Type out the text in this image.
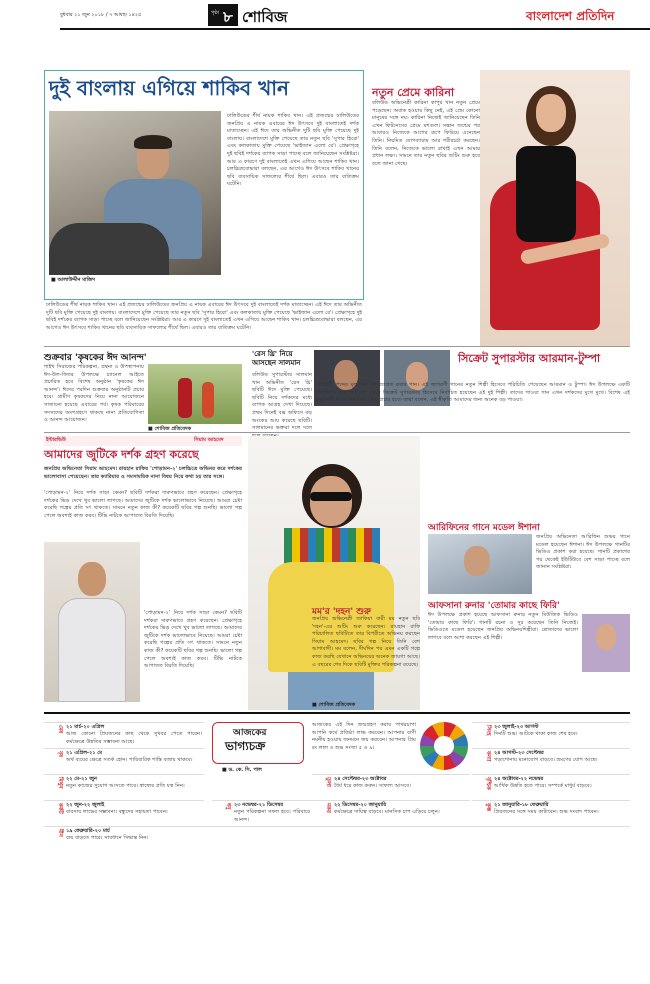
বুধবার ২১ জুন ২০১৮ / ৭ আষাঢ় ১৪২৫	পৃষ্ঠা ৮ শোবিজ	বাংলাদেশ প্রতিদিন
দুই বাংলায় এগিয়ে শাকিব খান
■ আলাউদ্দীন মাজিদ
ঢালিউডের শীর্ষ নায়ক শাকিব খান। এই প্রজন্মের ঢালিউডের জনপ্রিয় এ নায়ক এবারের ঈদ উৎসবে দুই বাংলাতেই দর্শক মাতাচ্ছেন। এই ঈদে তার অভিনীত দুটি ছবি মুক্তি পেয়েছে দুই বাংলায়। বাংলাদেশে মুক্তি পেয়েছে তার নতুন ছবি 'সুপার হিরো' এবং কলকাতায় মুক্তি পেয়েছে 'ভাইজান এলো রে'। প্রেক্ষাগৃহে দুই ছবিই দর্শকের ব্যাপক সাড়া পাচ্ছে বলে জানিয়েছেন সংশ্লিষ্টরা। আর এ কারণে দুই বাংলাতেই এখন এগিয়ে আছেন শাকিব খান। চলচ্চিত্রবোদ্ধারা বলছেন, এর আগেও ঈদ উৎসবে শাকিব খানের ছবি ব্যবসায়িক সাফল্যের শীর্ষে ছিল। এবারও তার ব্যতিক্রম ঘটেনি।
ঢালিউডের শীর্ষ নায়ক শাকিব খান। এই প্রজন্মের ঢালিউডের জনপ্রিয় এ নায়ক এবারের ঈদ উৎসবে দুই বাংলাতেই দর্শক মাতাচ্ছেন। এই ঈদে তার অভিনীত দুটি ছবি মুক্তি পেয়েছে দুই বাংলায়। বাংলাদেশে মুক্তি পেয়েছে তার নতুন ছবি 'সুপার হিরো' এবং কলকাতায় মুক্তি পেয়েছে 'ভাইজান এলো রে'। প্রেক্ষাগৃহে দুই ছবিই দর্শকের ব্যাপক সাড়া পাচ্ছে বলে জানিয়েছেন সংশ্লিষ্টরা। আর এ কারণে দুই বাংলাতেই এখন এগিয়ে আছেন শাকিব খান। চলচ্চিত্রবোদ্ধারা বলছেন, এর আগেও ঈদ উৎসবে শাকিব খানের ছবি ব্যবসায়িক সাফল্যের শীর্ষে ছিল। এবারও তার ব্যতিক্রম ঘটেনি।
নতুন প্রেমে কারিনা
বলিউড অভিনেত্রী কারিনা কাপুর খান নতুন প্রেমে পড়েছেন। অবাক হওয়ার কিছু নেই, এই প্রেম কোনো মানুষের সঙ্গে নয়। কারিনা নিজেই জানিয়েছেন তিনি এখন ফিটনেসের প্রেমে মশগুল। সন্তান জন্মের পর আবারও নিজেকে আগের রূপে ফিরিয়ে এনেছেন তিনি। নিয়মিত যোগব্যায়াম আর শরীরচর্চা করছেন। তিনি বলেন, নিজেকে ভালো রাখাই এখন আমার প্রধান লক্ষ্য। সামনে তার নতুন ছবির শুটিং শুরু হবে বলে জানা গেছে।
শুক্রবার 'কৃষকের ঈদ আনন্দ'
শাইখ সিরাজের পরিকল্পনা, গ্রন্থনা ও উপস্থাপনায় ঈদ-উল-ফিতর উপলক্ষে চ্যানেল আইতে প্রচারিত হবে বিশেষ অনুষ্ঠান 'কৃষকের ঈদ আনন্দ'। ঈদের পরদিন শুক্রবার অনুষ্ঠানটি প্রচার হবে। গ্রামীণ কৃষকদের নিয়ে নানা আয়োজনে সাজানো হয়েছে এবারের পর্ব। কৃষক পরিবারের সদস্যদের অংশগ্রহণে থাকছে নানা প্রতিযোগিতা ও আনন্দ আয়োজন।
■ শোবিজ প্রতিবেদক
'রেস থ্রি' নিয়ে আসছেন সালমান
বলিউড সুপারস্টার সালমান খান অভিনীত 'রেস থ্রি' ছবিটি ঈদে মুক্তি পেয়েছে। ছবিটি নিয়ে দর্শকদের মধ্যে ব্যাপক আগ্রহ দেখা দিয়েছে। প্রথম দিনেই বক্স অফিসে বড় অংকের আয় করেছে ছবিটি। সালমানের ভক্তরা দলে দলে
সিক্রেট সুপারস্টার আরমান-টুম্পা
'জাগরণী' শব্দের মূল অর্থ হল জাগ্রত করার গান। এই জাগরণী গানের নতুন শিল্পী হিসেবে পরিচিতি পেয়েছেন আরমান ও টুম্পা। ঈদ উপলক্ষে একটি টেলিভিশন রিয়েলিটি শো থেকে সিক্রেট সুপারস্টার হিসেবে নির্বাচিত হয়েছেন এই দুই শিল্পী। তাদের গাওয়া গান এখন দর্শকদের মুখে মুখে। বিশেষ এই অনুষ্ঠানটি ঈদের দিন রাত ৯টায় প্রচার হবে। তারা বলেন, এই স্বীকৃতি আমাদের জন্য অনেক বড় পাওয়া।
ইন্টারভিউ	সিয়াম আহমেদ
আমাদের জুটিকে দর্শক গ্রহণ করেছে
জনপ্রিয় অভিনেতা সিয়াম আহমেদ। রায়হান রাফির 'পোড়ামন-২' চলচ্চিত্রে অভিনয় করে দর্শকের ভালোবাসা পেয়েছেন। তার ক্যারিয়ার ও সমসাময়িক নানা বিষয় নিয়ে কথা হয় তার সঙ্গে।
'পোড়ামন-২' নিয়ে দর্শক সাড়া কেমন? ছবিটি দর্শকরা দারুণভাবে গ্রহণ করেছেন। প্রেক্ষাগৃহে দর্শকের ভিড় দেখে খুব ভালো লাগছে। আমাদের জুটিকে দর্শক ভালোভাবে নিয়েছে। আমরা চেষ্টা করেছি গল্পের প্রতি সৎ থাকতে। সামনে নতুন কাজ কী? কয়েকটি ছবির গল্প শুনছি। ভালো গল্প পেলে অবশ্যই কাজ করব। টিভি নাটকে আপাতত বিরতি দিয়েছি।
'পোড়ামন-২' নিয়ে দর্শক সাড়া কেমন? ছবিটি দর্শকরা দারুণভাবে গ্রহণ করেছেন। প্রেক্ষাগৃহে দর্শকের ভিড় দেখে খুব ভালো লাগছে। আমাদের জুটিকে দর্শক ভালোভাবে নিয়েছে। আমরা চেষ্টা করেছি গল্পের প্রতি সৎ থাকতে। সামনে নতুন কাজ কী? কয়েকটি ছবির গল্প শুনছি। ভালো গল্প পেলে অবশ্যই কাজ করব। টিভি নাটকে আপাতত বিরতি দিয়েছি।
মম'র 'দহন' শুরু
জনপ্রিয় অভিনেত্রী জাকিয়া বারী মম নতুন ছবি 'দহন'-এর শুটিং শুরু করেছেন। রায়হান রাফি পরিচালিত ছবিটিতে তার বিপরীতে অভিনয় করছেন সিয়াম আহমেদ। ছবির গল্প নিয়ে তিনি বেশ আশাবাদী। মম বলেন, দীর্ঘদিন পর এমন একটি গল্পে কাজ করছি যেখানে অভিনয়ের অনেক জায়গা আছে। এ বছরের শেষ দিকে ছবিটি মুক্তির পরিকল্পনা রয়েছে।
■ শোবিজ প্রতিবেদক
আরিফিনের গানে মডেল ঈশানা
জনপ্রিয় অভিনেতা আরিফিন শুভর গানে মডেল হয়েছেন ঈশানা। ঈদ উপলক্ষে গানটির ভিডিও প্রকাশ করা হয়েছে। গানটি প্রকাশের পর থেকেই ইউটিউবে বেশ সাড়া পাচ্ছে বলে জানান সংশ্লিষ্টরা।
আফসানা রুনার 'তোমার কাছে ফিরি'
ঈদ উপলক্ষে প্রকাশ হয়েছে আফসানা রুনার নতুন মিউজিক ভিডিও 'তোমার কাছে ফিরি'। গানটি রচনা ও সুর করেছেন তিনি নিজেই। ভিডিওতে মডেল হয়েছেন জনপ্রিয় অভিনয়শিল্পীরা। শ্রোতাদের ভালো লাগবে বলে আশা করছেন এই শিল্পী।
আজকের
ভাগ্যচক্র
■ ড. কে. সি. পাল
আজকের এই দিন জন্মগ্রহণ করায় পাথরচাপা আপনি কর্মে প্রতিষ্ঠা লাভ করবেন। আপনার বাণী নমনীয় হওয়ায় জনমনে জয় করবেন। আপনার প্রিয় রং লাল ও শুভ সংখ্যা ৫ ও ৯।
মেষ ২১ মার্চ-২০ এপ্রিল
আজ কোনো প্রিয়জনের কাছ থেকে সুখবর পেতে পারেন। কর্মক্ষেত্রে উন্নতির সম্ভাবনা আছে।
বৃষ ২১ এপ্রিল-২১ মে
অর্থ ব্যয়ের ক্ষেত্রে সতর্ক হোন। পারিবারিক শান্তি বজায় থাকবে।
মিথুন ২২ মে-২১ জুন
নতুন কাজের সুযোগ আসতে পারে। স্বাস্থ্যের প্রতি যত্ন নিন।
কর্কট ২২ জুন-২২ জুলাই
ব্যবসায় লাভের সম্ভাবনা। বন্ধুদের সহায়তা পাবেন।
সিংহ ২৩ জুলাই-২৩ আগস্ট
দিনটি শুভ। আটকে থাকা কাজ শেষ হবে।
কন্যা ২৪ আগস্ট-২৩ সেপ্টেম্বর
পড়াশোনায় মনোযোগ বাড়বে। ভ্রমণের যোগ আছে।
তুলা ২৪ সেপ্টেম্বর-২৩ অক্টোবর
ধৈর্য ধরে কাজ করুন। সাফল্য আসবে।	বৃশ্চিক ২৪ অক্টোবর-২২ নভেম্বর
আর্থিক উন্নতি হতে পারে। সম্পর্কে মাধুর্য বাড়বে।
ধনু ২৩ নভেম্বর-২১ ডিসেম্বর
নতুন পরিকল্পনা সফল হবে। পরিবারে আনন্দ।
মকর ২২ ডিসেম্বর-২০ জানুয়ারি
কর্মক্ষেত্রে দায়িত্ব বাড়বে। মানসিক চাপ এড়িয়ে চলুন।
কুম্ভ ২১ জানুয়ারি-১৮ ফেব্রুয়ারি
প্রিয়জনের সঙ্গে সময় কাটাবেন। শুভ সংবাদ পাবেন।
মীন ১৯ ফেব্রুয়ারি-২০ মার্চ
ব্যয় বাড়তে পারে। সাবধানে সিদ্ধান্ত নিন।
